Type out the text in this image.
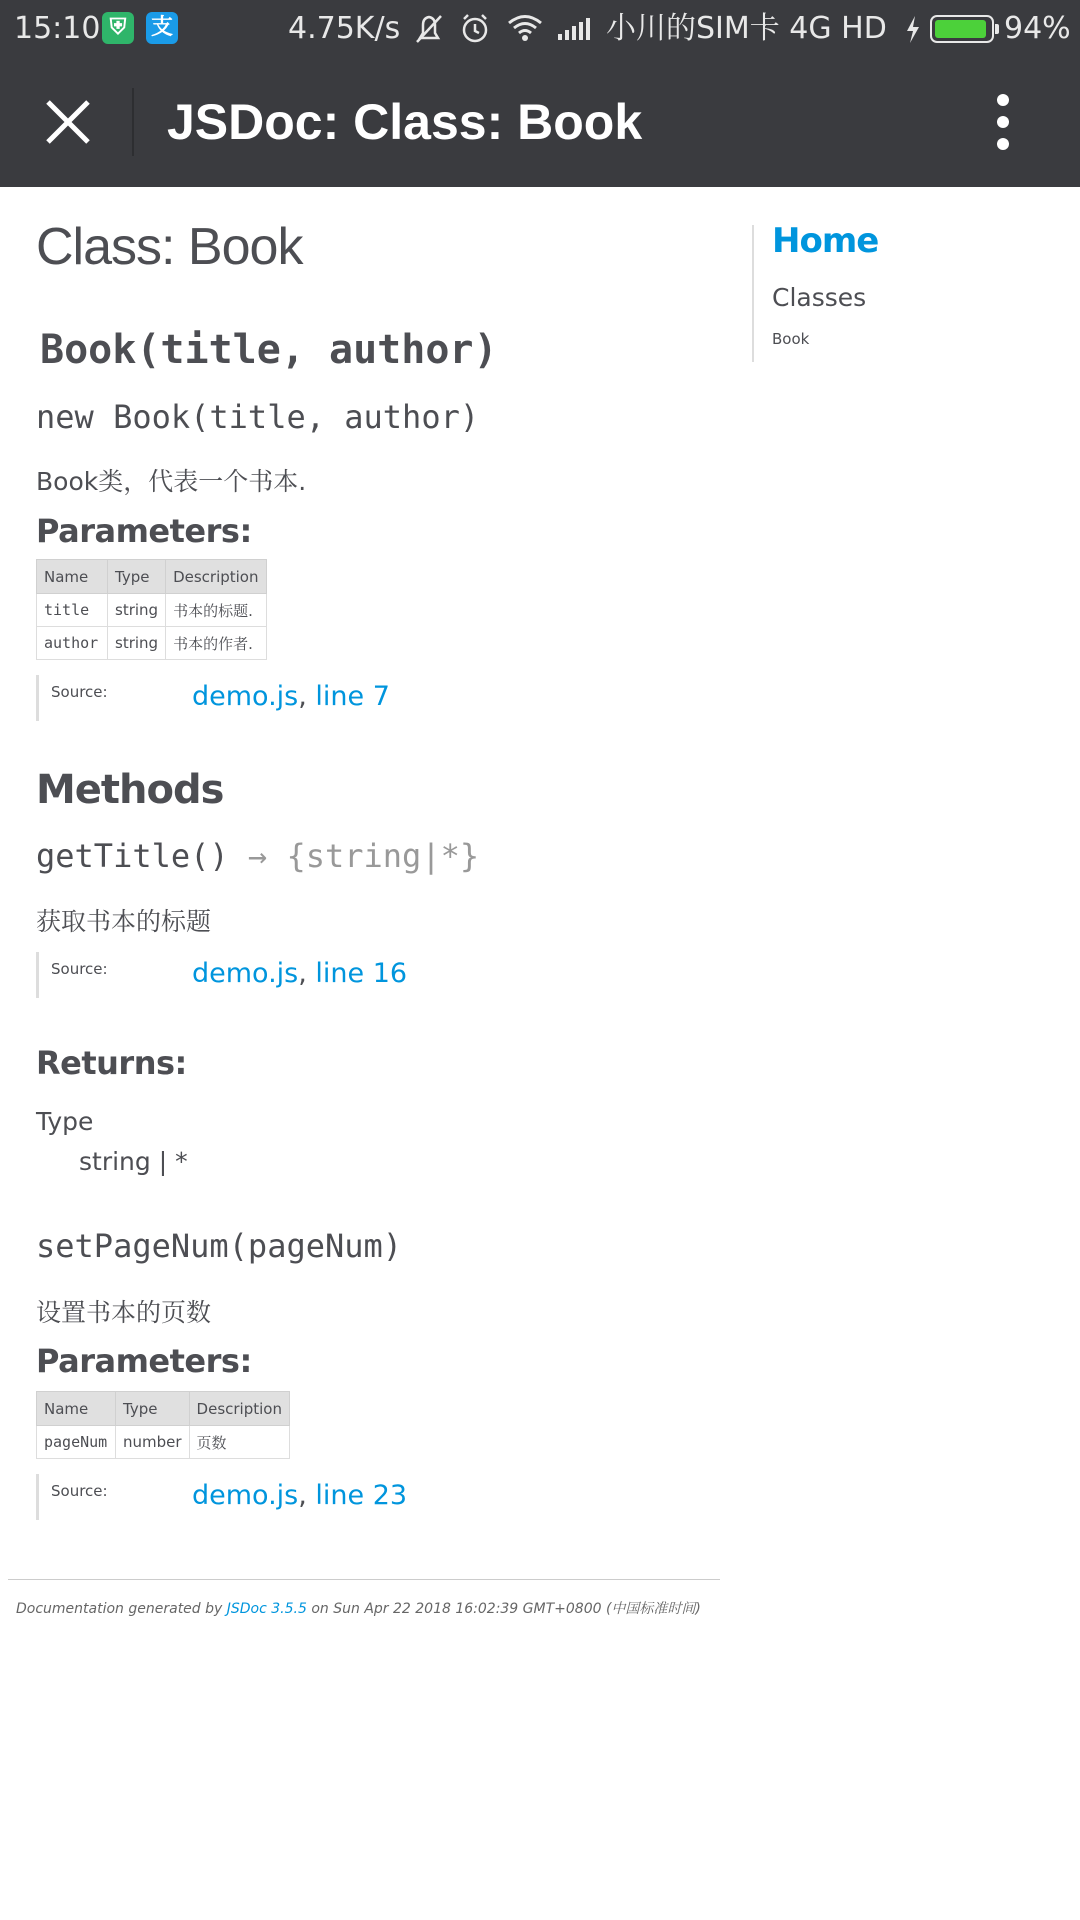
15:10 ⛨	支	4.75K/s	小川的SIM卡 4G HD	94%
JSDoc: Class: Book
Class: Book
Book(title, author)
new Book(title, author)
Book类，代表一个书本.
Parameters:
Name	Type	Description
title	string	书本的标题.
author	string	书本的作者.
Source:	demo.js, line 7
Methods
getTitle() → {string|*}
获取书本的标题
Source:	demo.js, line 16
Returns:
Type
string | *
setPageNum(pageNum)
设置书本的页数
Parameters:
Name	Type	Description
pageNum	number	页数
Source:	demo.js, line 23
Documentation generated by JSDoc 3.5.5 on Sun Apr 22 2018 16:02:39 GMT+0800 (中国标准时间)
Home
Classes
Book
